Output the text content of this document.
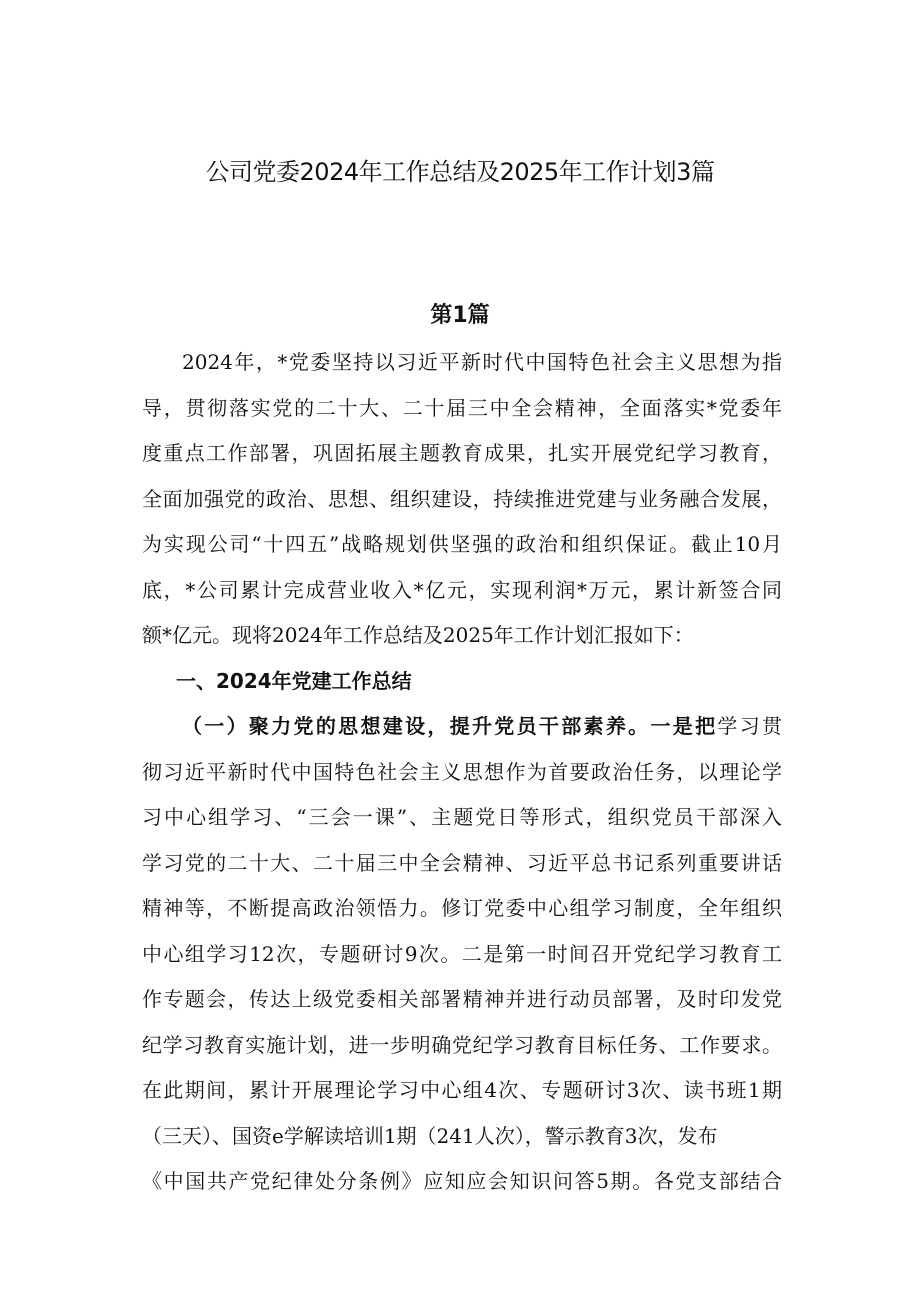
公司党委2024年工作总结及2025年工作计划3篇
第1篇
2024年，*党委坚持以习近平新时代中国特色社会主义思想为指
导，贯彻落实党的二十大、二十届三中全会精神，全面落实*党委年
度重点工作部署，巩固拓展主题教育成果，扎实开展党纪学习教育，
全面加强党的政治、思想、组织建设，持续推进党建与业务融合发展，
为实现公司“十四五”战略规划供坚强的政治和组织保证。截止10月
底，*公司累计完成营业收入*亿元，实现利润*万元，累计新签合同
额*亿元。现将2024年工作总结及2025年工作计划汇报如下：
一、2024年党建工作总结
（一）聚力党的思想建设，提升党员干部素养。一是把学习贯
彻习近平新时代中国特色社会主义思想作为首要政治任务，以理论学
习中心组学习、“三会一课”、主题党日等形式，组织党员干部深入
学习党的二十大、二十届三中全会精神、习近平总书记系列重要讲话
精神等，不断提高政治领悟力。修订党委中心组学习制度，全年组织
中心组学习12次，专题研讨9次。二是第一时间召开党纪学习教育工
作专题会，传达上级党委相关部署精神并进行动员部署，及时印发党
纪学习教育实施计划，进一步明确党纪学习教育目标任务、工作要求。
在此期间，累计开展理论学习中心组4次、专题研讨3次、读书班1期
（三天）、国资e学解读培训1期（241人次），警示教育3次，发布
《中国共产党纪律处分条例》应知应会知识问答5期。各党支部结合
